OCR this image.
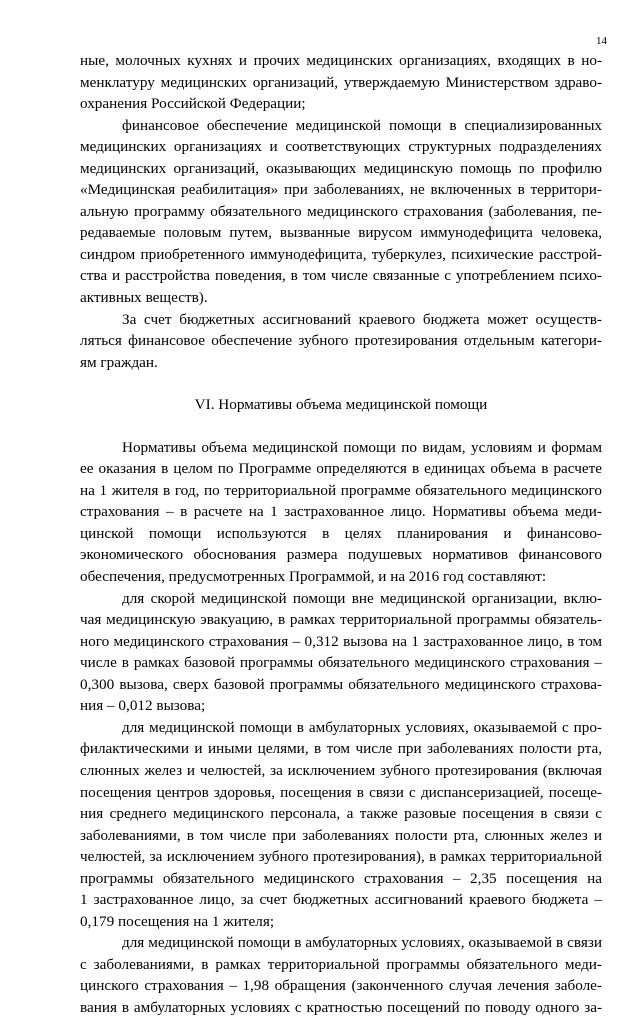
14

ные, молочных кухнях и прочих медицинских организациях, входящих в но-

менклатуру медицинских организаций, утверждаемую Министерством здраво-

охранения Российской Федерации;

финансовое обеспечение медицинской помощи в специализированных

медицинских организациях и соответствующих структурных подразделениях

медицинских организаций, оказывающих медицинскую помощь по профилю

«Медицинская реабилитация» при заболеваниях, не включенных в территори-

альную программу обязательного медицинского страхования (заболевания, пе-

редаваемые половым путем, вызванные вирусом иммунодефицита человека,

синдром приобретенного иммунодефицита, туберкулез, психические расстрой-

ства и расстройства поведения, в том числе связанные с употреблением психо-

активных веществ).

За счет бюджетных ассигнований краевого бюджета может осуществ-

ляться финансовое обеспечение зубного протезирования отдельным категори-

ям граждан.

VI. Нормативы объема медицинской помощи

Нормативы объема медицинской помощи по видам, условиям и формам

ее оказания в целом по Программе определяются в единицах объема в расчете

на 1 жителя в год, по территориальной программе обязательного медицинского

страхования – в расчете на 1 застрахованное лицо. Нормативы объема меди-

цинской помощи используются в целях планирования и финансово-

экономического обоснования размера подушевых нормативов финансового

обеспечения, предусмотренных Программой, и на 2016 год составляют:

для скорой медицинской помощи вне медицинской организации, вклю-

чая медицинскую эвакуацию, в рамках территориальной программы обязатель-

ного медицинского страхования – 0,312 вызова на 1 застрахованное лицо, в том

числе в рамках базовой программы обязательного медицинского страхования –

0,300 вызова, сверх базовой программы обязательного медицинского страхова-

ния – 0,012 вызова;

для медицинской помощи в амбулаторных условиях, оказываемой с про-

филактическими и иными целями, в том числе при заболеваниях полости рта,

слюнных желез и челюстей, за исключением зубного протезирования (включая

посещения центров здоровья, посещения в связи с диспансеризацией, посеще-

ния среднего медицинского персонала, а также разовые посещения в связи с

заболеваниями, в том числе при заболеваниях полости рта, слюнных желез и

челюстей, за исключением зубного протезирования), в рамках территориальной

программы обязательного медицинского страхования – 2,35 посещения на

1 застрахованное лицо, за счет бюджетных ассигнований краевого бюджета –

0,179 посещения на 1 жителя;

для медицинской помощи в амбулаторных условиях, оказываемой в связи

с заболеваниями, в рамках территориальной программы обязательного меди-

цинского страхования – 1,98 обращения (законченного случая лечения заболе-

вания в амбулаторных условиях с кратностью посещений по поводу одного за-
